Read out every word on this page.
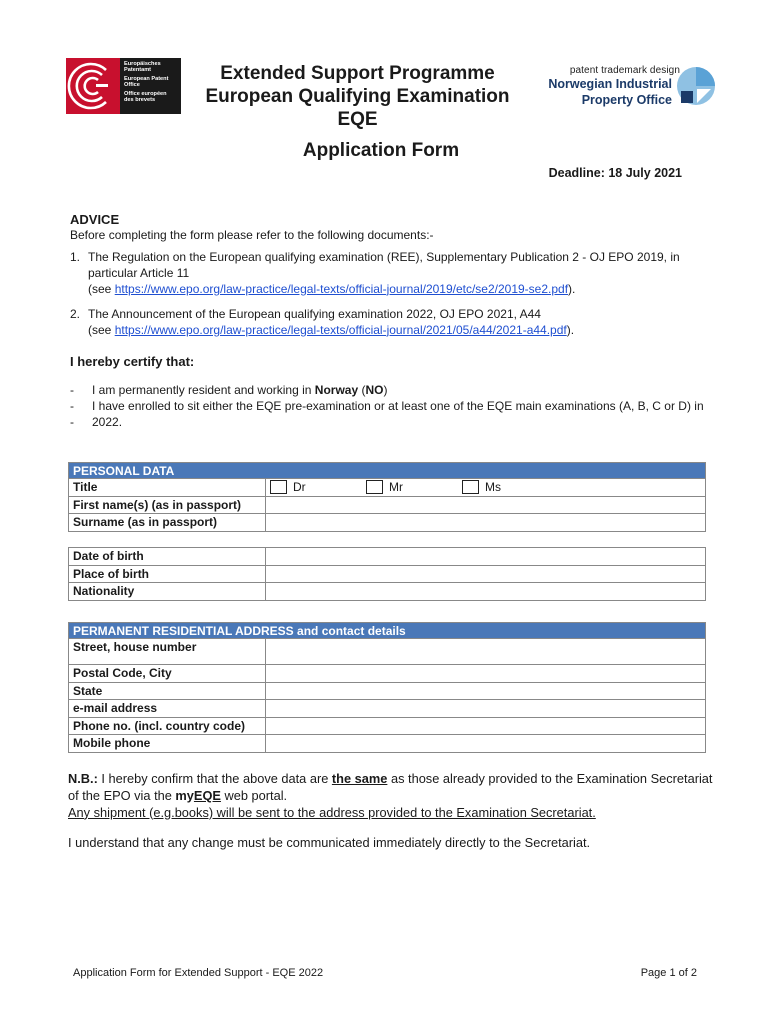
Europäisches Patentamt
European Patent Office
Office européen des brevets
Extended Support Programme
European Qualifying Examination
EQE
patent trademark design
Norwegian Industrial
Property Office
Application Form
Deadline: 18 July 2021
ADVICE
Before completing the form please refer to the following documents:-
1. The Regulation on the European qualifying examination (REE), Supplementary Publication 2 - OJ EPO 2019, in particular Article 11
(see https://www.epo.org/law-practice/legal-texts/official-journal/2019/etc/se2/2019-se2.pdf).
2. The Announcement of the European qualifying examination 2022, OJ EPO 2021, A44
(see https://www.epo.org/law-practice/legal-texts/official-journal/2021/05/a44/2021-a44.pdf).
I hereby certify that:
- I am permanently resident and working in Norway (NO)
- I have enrolled to sit either the EQE pre-examination or at least one of the EQE main examinations (A, B, C or D) in 2022.
-
PERSONAL DATA	
Title	Dr Mr Ms

First name(s) (as in passport)	
Surname (as in passport)	
Date of birth	
Place of birth	
Nationality	
PERMANENT RESIDENTIAL ADDRESS and contact details	
Street, house number	
Postal Code, City	
State	
e-mail address	
Phone no. (incl. country code)	
Mobile phone	
N.B.: I hereby confirm that the above data are the same as those already provided to the Examination Secretariat of the EPO via the myEQE web portal.
Any shipment (e.g.books) will be sent to the address provided to the Examination Secretariat.
I understand that any change must be communicated immediately directly to the Secretariat.
Application Form for Extended Support - EQE 2022	Page 1 of 2
